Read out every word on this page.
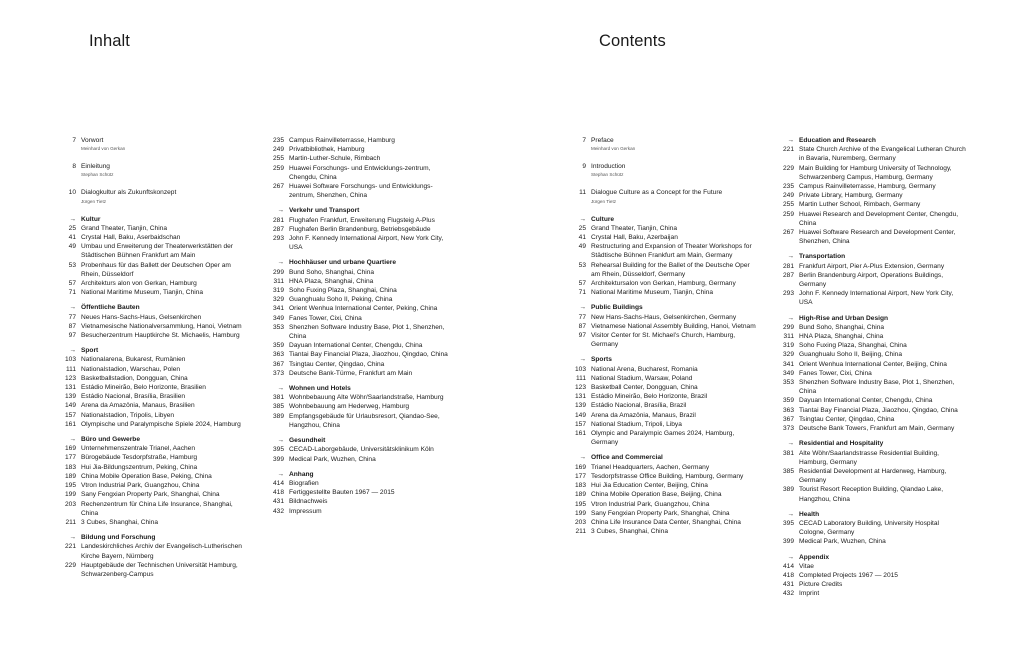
Inhalt
7 Vorwort
Meinhard von Gerkan
8 Einleitung
Stephan Schütz
10 Dialogkultur als Zukunftskonzept
Jürgen Tietz
→ Kultur
25 Grand Theater, Tianjin, China
41 Crystal Hall, Baku, Aserbaidschan
49 Umbau und Erweiterung der Theaterwerkstätten der Städtischen Bühnen Frankfurt am Main
53 Probenhaus für das Ballett der Deutschen Oper am Rhein, Düsseldorf
57 Architekturs alon von Gerkan, Hamburg
71 National Maritime Museum, Tianjin, China
→ Öffentliche Bauten
77 Neues Hans-Sachs-Haus, Gelsenkirchen
87 Vietnamesische Nationalversammlung, Hanoi, Vietnam
97 Besucherzentrum Hauptkirche St. Michaelis, Hamburg
→ Sport
103 Nationalarena, Bukarest, Rumänien
111 Nationalstadion, Warschau, Polen
123 Basketballstadion, Dongguan, China
131 Estádio Mineirão, Belo Horizonte, Brasilien
139 Estádio Nacional, Brasília, Brasilien
149 Arena da Amazônia, Manaus, Brasilien
157 Nationalstadion, Tripolis, Libyen
161 Olympische und Paralympische Spiele 2024, Hamburg
→ Büro und Gewerbe
169 Unternehmenszentrale Trianel, Aachen
177 Bürogebäude Tesdorpfstraße, Hamburg
183 Hui Jia-Bildungszentrum, Peking, China
189 China Mobile Operation Base, Peking, China
195 Vtron Industrial Park, Guangzhou, China
199 Sany Fengxian Property Park, Shanghai, China
203 Rechenzentrum für China Life Insurance, Shanghai, China
211 3 Cubes, Shanghai, China
→ Bildung und Forschung
221 Landeskirchliches Archiv der Evangelisch-Lutherischen Kirche Bayern, Nürnberg
229 Hauptgebäude der Technischen Universität Hamburg, Schwarzenberg-Campus
235 Campus Rainvilleterrasse, Hamburg
249 Privatbibliothek, Hamburg
255 Martin-Luther-Schule, Rimbach
259 Huawei Forschungs- und Entwicklungs-zentrum, Chengdu, China
267 Huawei Software Forschungs- und Entwicklungs-zentrum, Shenzhen, China
→ Verkehr und Transport
281 Flughafen Frankfurt, Erweiterung Flugsteig A-Plus
287 Flughafen Berlin Brandenburg, Betriebsgebäude
293 John F. Kennedy International Airport, New York City, USA
→ Hochhäuser und urbane Quartiere
299 Bund Soho, Shanghai, China
311 HNA Plaza, Shanghai, China
319 Soho Fuxing Plaza, Shanghai, China
329 Guanghualu Soho II, Peking, China
341 Orient Wenhua International Center, Peking, China
349 Fanes Tower, Cixi, China
353 Shenzhen Software Industry Base, Plot 1, Shenzhen, China
359 Dayuan International Center, Chengdu, China
363 Tiantai Bay Financial Plaza, Jiaozhou, Qingdao, China
367 Tsingtau Center, Qingdao, China
373 Deutsche Bank-Türme, Frankfurt am Main
→ Wohnen und Hotels
381 Wohnbebauung Alte Wöhr/Saarlandstraße, Hamburg
385 Wohnbebauung am Hederweg, Hamburg
389 Empfangsgebäude für Urlaubsresort, Qiandao-See, Hangzhou, China
→ Gesundheit
395 CECAD-Laborgebäude, Universitätsklinikum Köln
399 Medical Park, Wuzhen, China
→ Anhang
414 Biografien
418 Fertiggestellte Bauten 1967 — 2015
431 Bildnachweis
432 Impressum
Contents
7 Preface
Meinhard von Gerkan
9 Introduction
Stephan Schütz
11 Dialogue Culture as a Concept for the Future
Jürgen Tietz
→ Culture
25 Grand Theater, Tianjin, China
41 Crystal Hall, Baku, Azerbaijan
49 Restructuring and Expansion of Theater Workshops for Städtische Bühnen Frankfurt am Main, Germany
53 Rehearsal Building for the Ballet of the Deutsche Oper am Rhein, Düsseldorf, Germany
57 Architektursalon von Gerkan, Hamburg, Germany
71 National Maritime Museum, Tianjin, China
→ Public Buildings
77 New Hans-Sachs-Haus, Gelsenkirchen, Germany
87 Vietnamese National Assembly Building, Hanoi, Vietnam
97 Visitor Center for St. Michael’s Church, Hamburg, Germany
→ Sports
103 National Arena, Bucharest, Romania
111 National Stadium, Warsaw, Poland
123 Basketball Center, Dongguan, China
131 Estádio Mineirão, Belo Horizonte, Brazil
139 Estádio Nacional, Brasília, Brazil
149 Arena da Amazônia, Manaus, Brazil
157 National Stadium, Tripoli, Libya
161 Olympic and Paralympic Games 2024, Hamburg, Germany
→ Office and Commercial
169 Trianel Headquarters, Aachen, Germany
177 Tesdorpfstrasse Office Building, Hamburg, Germany
183 Hui Jia Education Center, Beijing, China
189 China Mobile Operation Base, Beijing, China
195 Vtron Industrial Park, Guangzhou, China
199 Sany Fengxian Property Park, Shanghai, China
203 China Life Insurance Data Center, Shanghai, China
211 3 Cubes, Shanghai, China
→ Education and Research
221 State Church Archive of the Evangelical Lutheran Church in Bavaria, Nuremberg, Germany
229 Main Building for Hamburg University of Technology, Schwarzenberg Campus, Hamburg, Germany
235 Campus Rainvilleterrasse, Hamburg, Germany
249 Private Library, Hamburg, Germany
255 Martin Luther School, Rimbach, Germany
259 Huawei Research and Development Center, Chengdu, China
267 Huawei Software Research and Development Center, Shenzhen, China
→ Transportation
281 Frankfurt Airport, Pier A-Plus Extension, Germany
287 Berlin Brandenburg Airport, Operations Buildings, Germany
293 John F. Kennedy International Airport, New York City, USA
→ High-Rise and Urban Design
299 Bund Soho, Shanghai, China
311 HNA Plaza, Shanghai, China
319 Soho Fuxing Plaza, Shanghai, China
329 Guanghualu Soho II, Beijing, China
341 Orient Wenhua International Center, Beijing, China
349 Fanes Tower, Cixi, China
353 Shenzhen Software Industry Base, Plot 1, Shenzhen, China
359 Dayuan International Center, Chengdu, China
363 Tiantai Bay Financial Plaza, Jiaozhou, Qingdao, China
367 Tsingtau Center, Qingdao, China
373 Deutsche Bank Towers, Frankfurt am Main, Germany
→ Residential and Hospitality
381 Alte Wöhr/Saarlandstrasse Residential Building, Hamburg, Germany
385 Residential Development at Harderweg, Hamburg, Germany
389 Tourist Resort Reception Building, Qiandao Lake, Hangzhou, China
→ Health
395 CECAD Laboratory Building, University Hospital Cologne, Germany
399 Medical Park, Wuzhen, China
→ Appendix
414 Vitae
418 Completed Projects 1967 — 2015
431 Picture Credits
432 Imprint
